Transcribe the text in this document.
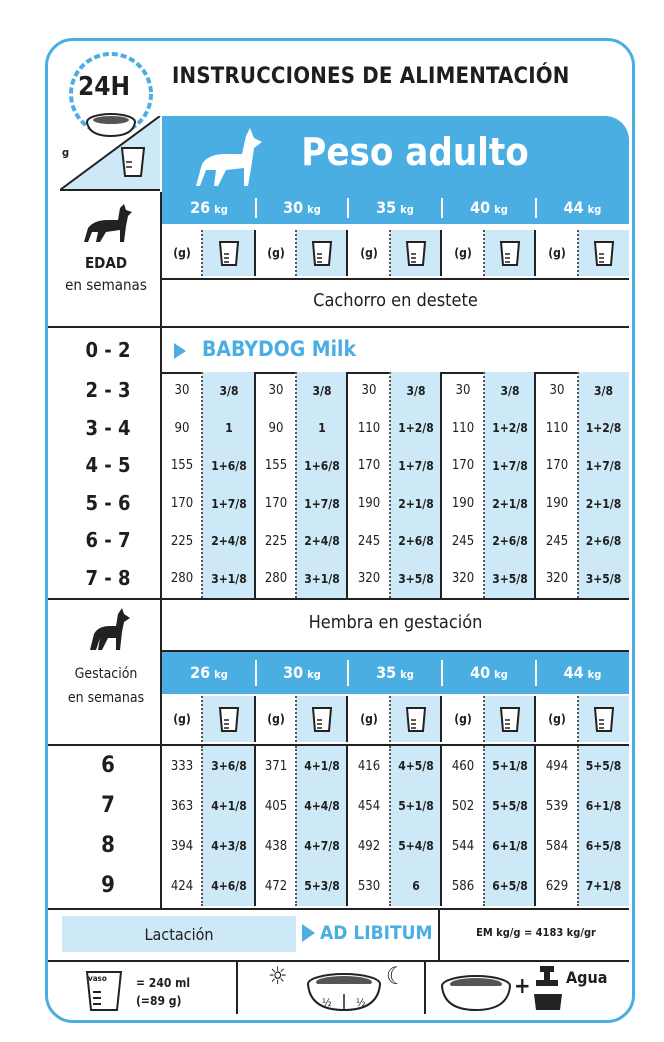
24H INSTRUCCIONES DE ALIMENTACIÓN
g	Peso adulto
26 kg	30 kg	35 kg	40 kg	44 kg
EDAD
en semanas
(g)	(g)	(g)	(g)	(g)
Cachorro en destete
0 - 2	BABYDOG Milk
2 - 3	30	3/8	30	3/8	30	3/8	30	3/8	30	3/8
3 - 4	90	1	90	1	110	1+2/8	110	1+2/8	110	1+2/8
4 - 5	155	1+6/8	155	1+6/8	170	1+7/8	170	1+7/8	170	1+7/8
5 - 6	170	1+7/8	170	1+7/8	190	2+1/8	190	2+1/8	190	2+1/8
6 - 7	225	2+4/8	225	2+4/8	245	2+6/8	245	2+6/8	245	2+6/8
7 - 8	280	3+1/8	280	3+1/8	320	3+5/8	320	3+5/8	320	3+5/8
Hembra en gestación
Gestación
en semanas
26 kg	30 kg	35 kg	40 kg	44 kg
(g)	(g)	(g)	(g)	(g)
6	333	3+6/8	371	4+1/8	416	4+5/8	460	5+1/8	494	5+5/8
7	363	4+1/8	405	4+4/8	454	5+1/8	502	5+5/8	539	6+1/8
8	394	4+3/8	438	4+7/8	492	5+4/8	544	6+1/8	584	6+5/8
9	424	4+6/8	472	5+3/8	530	6	586	6+5/8	629	7+1/8
Lactación	AD LIBITUM	EM kg/g = 4183 kg/gr
vaso = 240 ml
(=89 g)
☼
½ ½
☾	+ Agua
